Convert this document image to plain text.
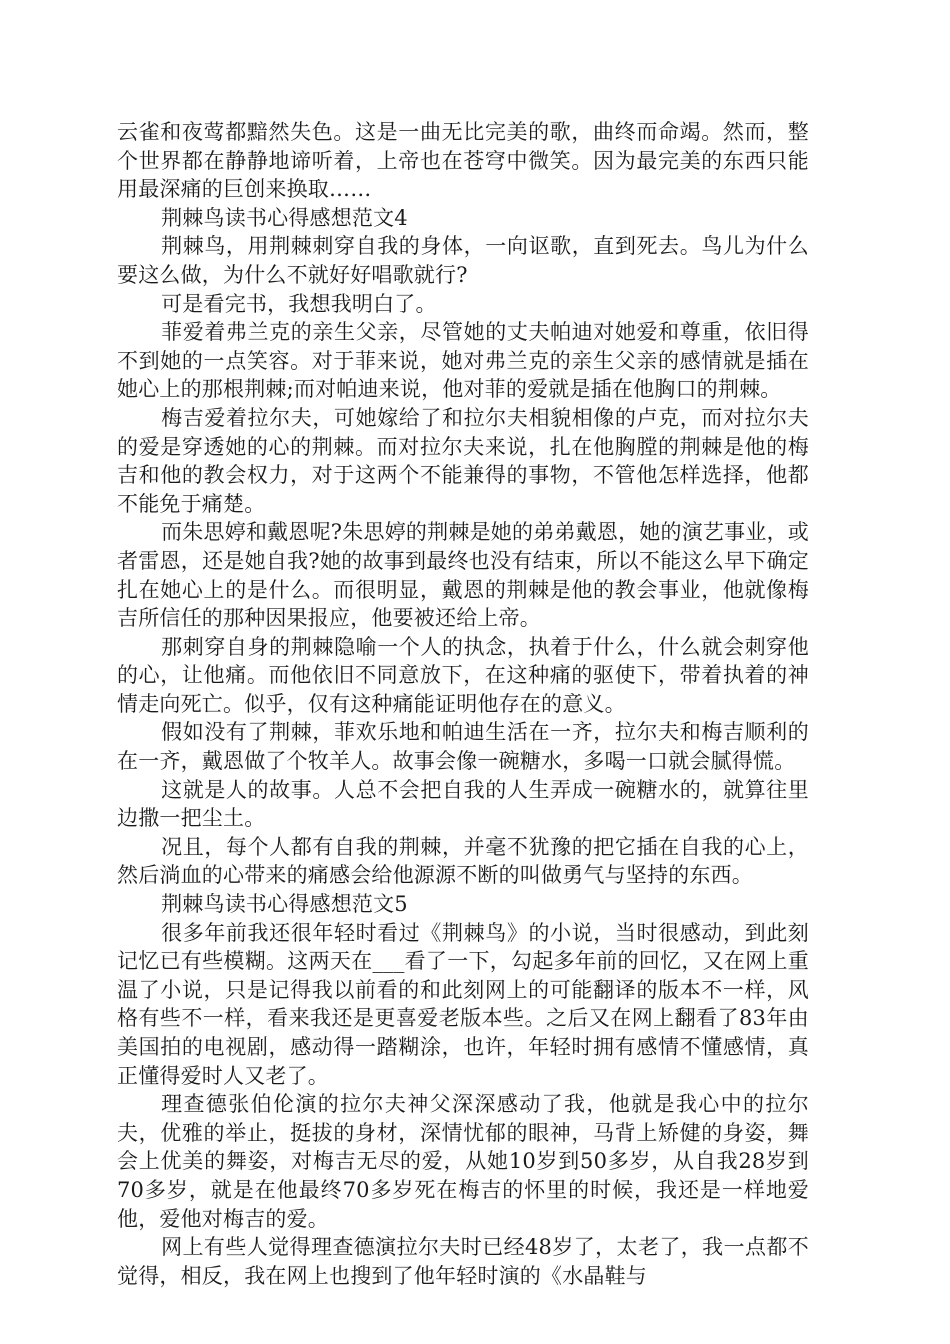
云雀和夜莺都黯然失色。这是一曲无比完美的歌，曲终而命竭。然而，整个世界都在静静地谛听着，上帝也在苍穹中微笑。因为最完美的东西只能用最深痛的巨创来换取……

荆棘鸟读书心得感想范文4

荆棘鸟，用荆棘刺穿自我的身体，一向讴歌，直到死去。鸟儿为什么要这么做，为什么不就好好唱歌就行?

可是看完书，我想我明白了。

菲爱着弗兰克的亲生父亲，尽管她的丈夫帕迪对她爱和尊重，依旧得不到她的一点笑容。对于菲来说，她对弗兰克的亲生父亲的感情就是插在她心上的那根荆棘;而对帕迪来说，他对菲的爱就是插在他胸口的荆棘。

梅吉爱着拉尔夫，可她嫁给了和拉尔夫相貌相像的卢克，而对拉尔夫的爱是穿透她的心的荆棘。而对拉尔夫来说，扎在他胸膛的荆棘是他的梅吉和他的教会权力，对于这两个不能兼得的事物，不管他怎样选择，他都不能免于痛楚。

而朱思婷和戴恩呢?朱思婷的荆棘是她的弟弟戴恩，她的演艺事业，或者雷恩，还是她自我?她的故事到最终也没有结束，所以不能这么早下确定扎在她心上的是什么。而很明显，戴恩的荆棘是他的教会事业，他就像梅吉所信任的那种因果报应，他要被还给上帝。

那刺穿自身的荆棘隐喻一个人的执念，执着于什么，什么就会刺穿他的心，让他痛。而他依旧不同意放下，在这种痛的驱使下，带着执着的神情走向死亡。似乎，仅有这种痛能证明他存在的意义。

假如没有了荆棘，菲欢乐地和帕迪生活在一齐，拉尔夫和梅吉顺利的在一齐，戴恩做了个牧羊人。故事会像一碗糖水，多喝一口就会腻得慌。

这就是人的故事。人总不会把自我的人生弄成一碗糖水的，就算往里边撒一把尘土。

况且，每个人都有自我的荆棘，并毫不犹豫的把它插在自我的心上，然后淌血的心带来的痛感会给他源源不断的叫做勇气与坚持的东西。

荆棘鸟读书心得感想范文5

很多年前我还很年轻时看过《荆棘鸟》的小说，当时很感动，到此刻记忆已有些模糊。这两天在___看了一下，勾起多年前的回忆，又在网上重温了小说，只是记得我以前看的和此刻网上的可能翻译的版本不一样，风格有些不一样，看来我还是更喜爱老版本些。之后又在网上翻看了83年由美国拍的电视剧，感动得一踏糊涂，也许，年轻时拥有感情不懂感情，真正懂得爱时人又老了。

理查德张伯伦演的拉尔夫神父深深感动了我，他就是我心中的拉尔夫，优雅的举止，挺拔的身材，深情忧郁的眼神，马背上矫健的身姿，舞会上优美的舞姿，对梅吉无尽的爱，从她10岁到50多岁，从自我28岁到70多岁，就是在他最终70多岁死在梅吉的怀里的时候，我还是一样地爱他，爱他对梅吉的爱。

网上有些人觉得理查德演拉尔夫时已经48岁了，太老了，我一点都不觉得，相反，我在网上也搜到了他年轻时演的《水晶鞋与
